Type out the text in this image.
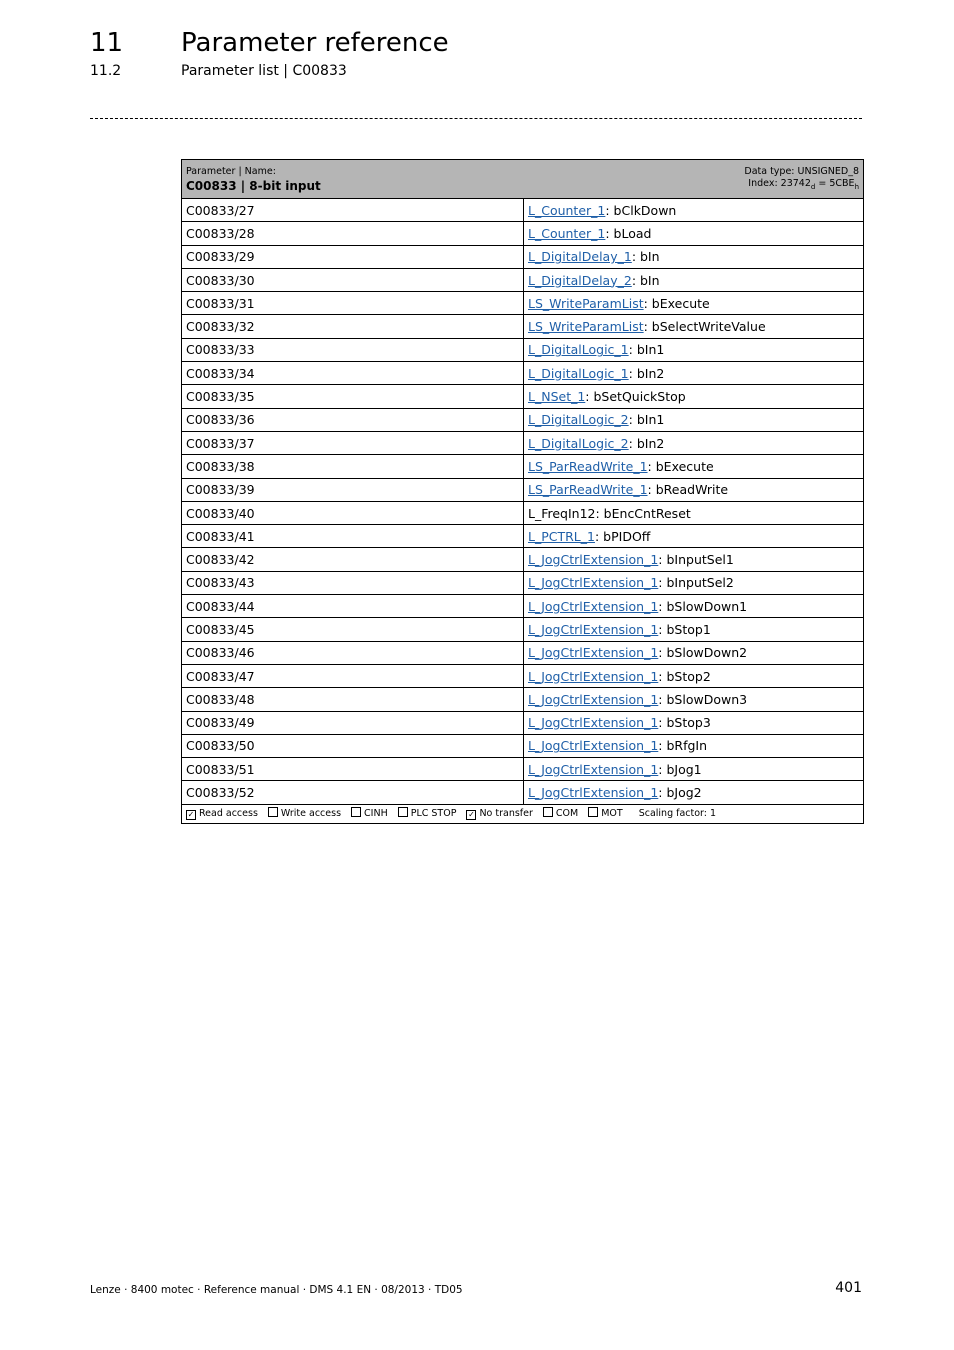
11 Parameter reference
11.2	Parameter list | C00833
Parameter | Name:
C00833 | 8-bit input
Data type: UNSIGNED_8
Index: $23742_d = 5CBE_h$

C00833/27	L_Counter_1: bClkDown
C00833/28	L_Counter_1: bLoad
C00833/29	L_DigitalDelay_1: bIn
C00833/30	L_DigitalDelay_2: bIn
C00833/31	LS_WriteParamList: bExecute
C00833/32	LS_WriteParamList: bSelectWriteValue
C00833/33	L_DigitalLogic_1: bIn1
C00833/34	L_DigitalLogic_1: bIn2
C00833/35	L_NSet_1: bSetQuickStop
C00833/36	L_DigitalLogic_2: bIn1
C00833/37	L_DigitalLogic_2: bIn2
C00833/38	LS_ParReadWrite_1: bExecute
C00833/39	LS_ParReadWrite_1: bReadWrite
C00833/40	L_FreqIn12: bEncCntReset
C00833/41	L_PCTRL_1: bPIDOff
C00833/42	L_JogCtrlExtension_1: bInputSel1
C00833/43	L_JogCtrlExtension_1: bInputSel2
C00833/44	L_JogCtrlExtension_1: bSlowDown1
C00833/45	L_JogCtrlExtension_1: bStop1
C00833/46	L_JogCtrlExtension_1: bSlowDown2
C00833/47	L_JogCtrlExtension_1: bStop2
C00833/48	L_JogCtrlExtension_1: bSlowDown3
C00833/49	L_JogCtrlExtension_1: bStop3
C00833/50	L_JogCtrlExtension_1: bRfgIn
C00833/51	L_JogCtrlExtension_1: bJog1
C00833/52	L_JogCtrlExtension_1: bJog2
✓ Read access Write access CINH PLC STOP ✓ No transfer COM MOT Scaling factor: 1	
Lenze · 8400 motec · Reference manual · DMS 4.1 EN · 08/2013 · TD05	401
